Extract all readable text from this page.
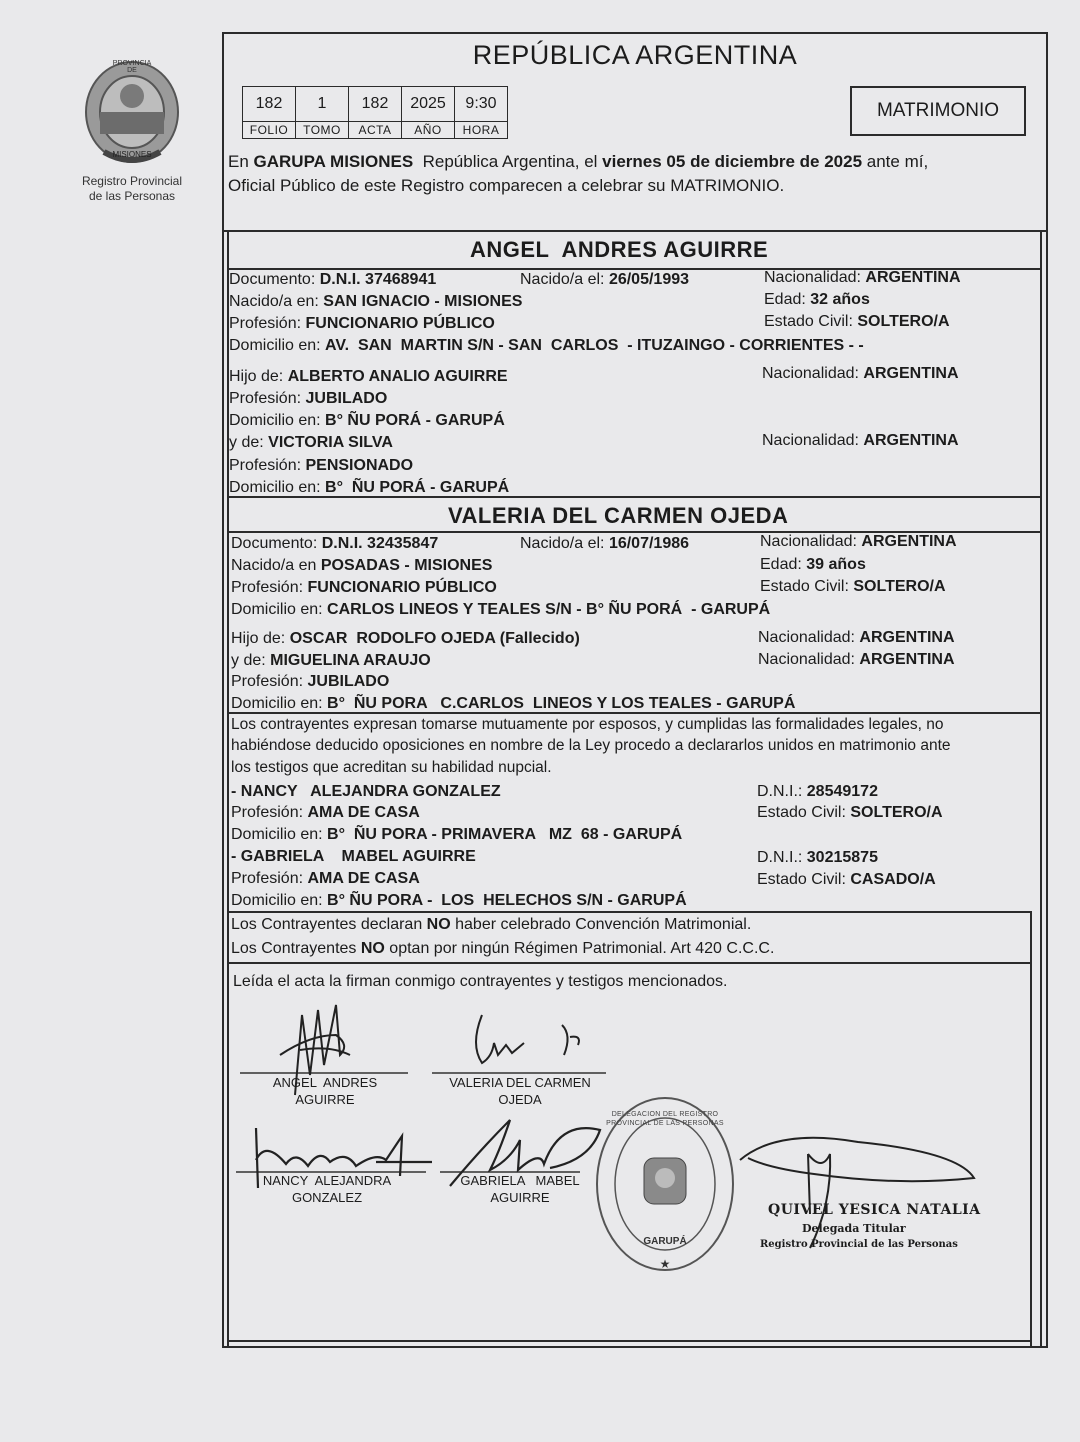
PROVINCIA DE
MISIONES
Registro Provincial
de las Personas
REPÚBLICA ARGENTINA
182	1	182	2025	9:30
FOLIO	TOMO	ACTA	AÑO	HORA
MATRIMONIO
En GARUPA MISIONES  República Argentina, el viernes 05 de diciembre de 2025 ante mí,
Oficial Público de este Registro comparecen a celebrar su MATRIMONIO.
ANGEL  ANDRES AGUIRRE
Documento: D.N.I. 37468941	Nacido/a el: 26/05/1993	Nacionalidad: ARGENTINA
Nacido/a en: SAN IGNACIO - MISIONES	Edad: 32 años
Profesión: FUNCIONARIO PÚBLICO	Estado Civil: SOLTERO/A
Domicilio en: AV.  SAN  MARTIN S/N - SAN  CARLOS  - ITUZAINGO - CORRIENTES - -
Hijo de: ALBERTO ANALIO AGUIRRE	Nacionalidad: ARGENTINA
Profesión: JUBILADO
Domicilio en: B° ÑU PORÁ - GARUPÁ
y de: VICTORIA SILVA	Nacionalidad: ARGENTINA
Profesión: PENSIONADO
Domicilio en: B°  ÑU PORÁ - GARUPÁ
VALERIA DEL CARMEN OJEDA
Documento: D.N.I. 32435847	Nacido/a el: 16/07/1986	Nacionalidad: ARGENTINA
Nacido/a en POSADAS - MISIONES	Edad: 39 años
Profesión: FUNCIONARIO PÚBLICO	Estado Civil: SOLTERO/A
Domicilio en: CARLOS LINEOS Y TEALES S/N - B° ÑU PORÁ  - GARUPÁ
Hijo de: OSCAR  RODOLFO OJEDA (Fallecido)	Nacionalidad: ARGENTINA
y de: MIGUELINA ARAUJO	Nacionalidad: ARGENTINA
Profesión: JUBILADO
Domicilio en: B°  ÑU PORA   C.CARLOS  LINEOS Y LOS TEALES - GARUPÁ
Los contrayentes expresan tomarse mutuamente por esposos, y cumplidas las formalidades legales, no
habiéndose deducido oposiciones en nombre de la Ley procedo a declararlos unidos en matrimonio ante
los testigos que acreditan su habilidad nupcial.
- NANCY   ALEJANDRA GONZALEZ	D.N.I.: 28549172
Profesión: AMA DE CASA	Estado Civil: SOLTERO/A
Domicilio en: B°  ÑU PORA - PRIMAVERA   MZ  68 - GARUPÁ
- GABRIELA    MABEL AGUIRRE	D.N.I.: 30215875
Profesión: AMA DE CASA	Estado Civil: CASADO/A
Domicilio en: B° ÑU PORA -  LOS  HELECHOS S/N - GARUPÁ
Los Contrayentes declaran NO haber celebrado Convención Matrimonial.
Los Contrayentes NO optan por ningún Régimen Patrimonial. Art 420 C.C.C.
Leída el acta la firman conmigo contrayentes y testigos mencionados.
ANGEL  ANDRES
AGUIRRE
VALERIA DEL CARMEN
OJEDA
NANCY  ALEJANDRA
GONZALEZ
GABRIELA   MABEL
AGUIRRE
★
DELEGACION DEL REGISTRO PROVINCIAL DE LAS PERSONAS
GARUPÁ
QUIVEL YESICA NATALIA
Delegada Titular
Registro Provincial de las Personas
